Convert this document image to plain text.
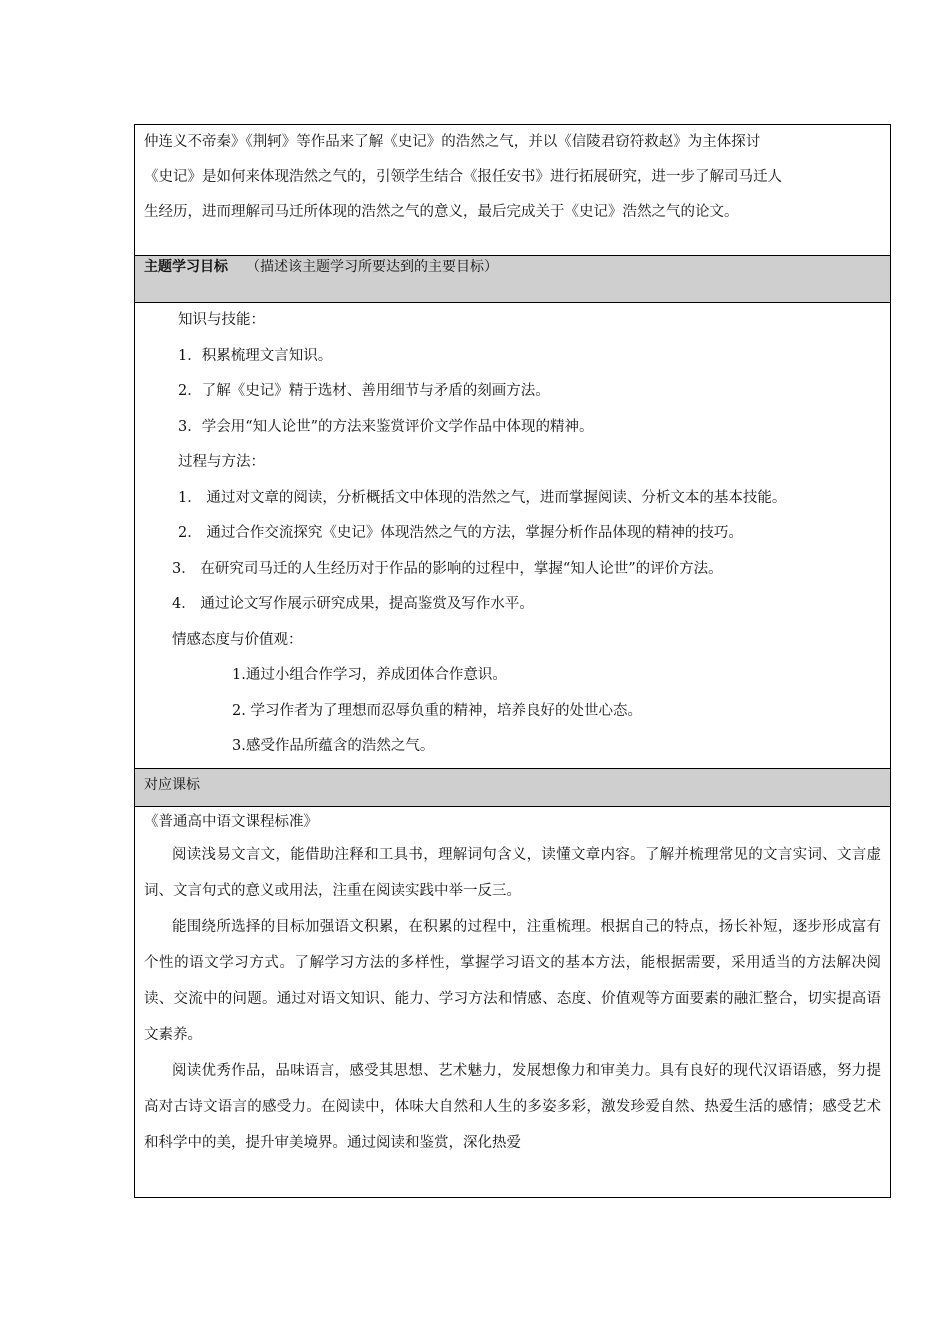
仲连义不帝秦》《荆轲》等作品来了解《史记》的浩然之气，并以《信陵君窃符救赵》为主体探讨

《史记》是如何来体现浩然之气的，引领学生结合《报任安书》进行拓展研究，进一步了解司马迁人

生经历，进而理解司马迁所体现的浩然之气的意义，最后完成关于《史记》浩然之气的论文。

主题学习目标 （描述该主题学习所要达到的主要目标）

知识与技能：
1．积累梳理文言知识。
2．了解《史记》精于选材、善用细节与矛盾的刻画方法。
3．学会用“知人论世”的方法来鉴赏评价文学作品中体现的精神。
过程与方法：
1． 通过对文章的阅读，分析概括文中体现的浩然之气，进而掌握阅读、分析文本的基本技能。
2． 通过合作交流探究《史记》体现浩然之气的方法，掌握分析作品体现的精神的技巧。
3． 在研究司马迁的人生经历对于作品的影响的过程中，掌握“知人论世”的评价方法。
4． 通过论文写作展示研究成果，提高鉴赏及写作水平。
情感态度与价值观：
1.通过小组合作学习，养成团体合作意识。
2. 学习作者为了理想而忍辱负重的精神，培养良好的处世心态。
3.感受作品所蕴含的浩然之气。

对应课标

《普通高中语文课程标准》

阅读浅易文言文，能借助注释和工具书，理解词句含义，读懂文章内容。了解并梳理常见的文言实词、文言虚词、文言句式的意义或用法，注重在阅读实践中举一反三。

能围绕所选择的目标加强语文积累，在积累的过程中，注重梳理。根据自己的特点，扬长补短，逐步形成富有个性的语文学习方式。了解学习方法的多样性，掌握学习语文的基本方法，能根据需要，采用适当的方法解决阅读、交流中的问题。通过对语文知识、能力、学习方法和情感、态度、价值观等方面要素的融汇整合，切实提高语文素养。

阅读优秀作品，品味语言，感受其思想、艺术魅力，发展想像力和审美力。具有良好的现代汉语语感，努力提高对古诗文语言的感受力。在阅读中，体味大自然和人生的多姿多彩，激发珍爱自然、热爱生活的感情；感受艺术和科学中的美，提升审美境界。通过阅读和鉴赏，深化热爱
